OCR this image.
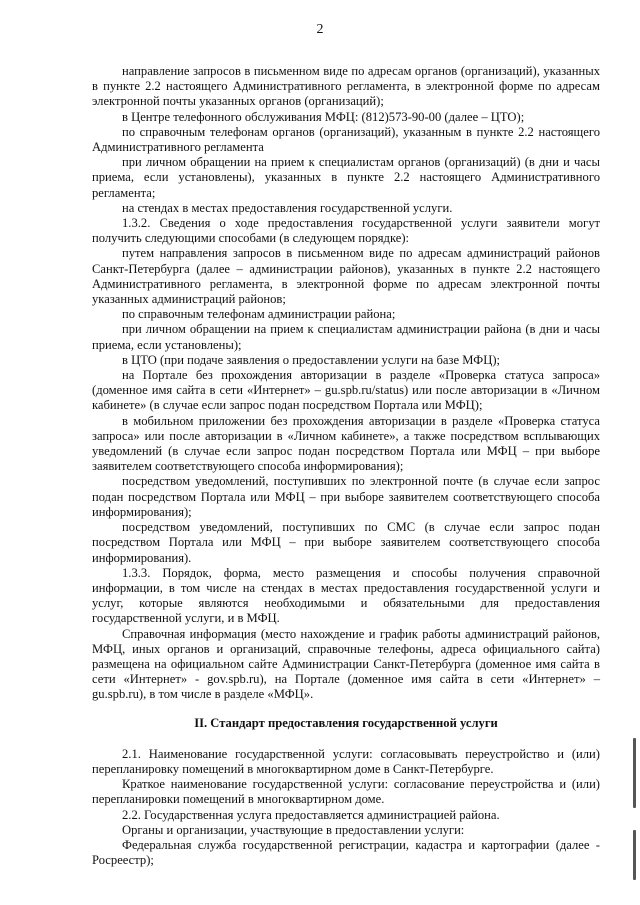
2

направление запросов в письменном виде по адресам органов (организаций), указанных в пункте 2.2 настоящего Административного регламента, в электронной форме по адресам электронной почты указанных органов (организаций);

в Центре телефонного обслуживания МФЦ: (812)573-90-00 (далее – ЦТО);

по справочным телефонам органов (организаций), указанным в пункте 2.2 настоящего Административного регламента

при личном обращении на прием к специалистам органов (организаций) (в дни и часы приема, если установлены), указанных в пункте 2.2 настоящего Административного регламента;

на стендах в местах предоставления государственной услуги.

1.3.2. Сведения о ходе предоставления государственной услуги заявители могут получить следующими способами (в следующем порядке):

путем направления запросов в письменном виде по адресам администраций районов Санкт-Петербурга (далее – администрации районов), указанных в пункте 2.2 настоящего Административного регламента, в электронной форме по адресам электронной почты указанных администраций районов;

по справочным телефонам администрации района;

при личном обращении на прием к специалистам администрации района (в дни и часы приема, если установлены);

в ЦТО (при подаче заявления о предоставлении услуги на базе МФЦ);

на Портале без прохождения авторизации в разделе «Проверка статуса запроса» (доменное имя сайта в сети «Интернет» – gu.spb.ru/status) или после авторизации в «Личном кабинете» (в случае если запрос подан посредством Портала или МФЦ);

в мобильном приложении без прохождения авторизации в разделе «Проверка статуса запроса» или после авторизации в «Личном кабинете», а также посредством всплывающих уведомлений (в случае если запрос подан посредством Портала или МФЦ – при выборе заявителем соответствующего способа информирования);

посредством уведомлений, поступивших по электронной почте (в случае если запрос подан посредством Портала или МФЦ – при выборе заявителем соответствующего способа информирования);

посредством уведомлений, поступивших по СМС (в случае если запрос подан посредством Портала или МФЦ – при выборе заявителем соответствующего способа информирования).

1.3.3. Порядок, форма, место размещения и способы получения справочной информации, в том числе на стендах в местах предоставления государственной услуги и услуг, которые являются необходимыми и обязательными для предоставления государственной услуги, и в МФЦ.

Справочная информация (место нахождение и график работы администраций районов, МФЦ, иных органов и организаций, справочные телефоны, адреса официального сайта) размещена на официальном сайте Администрации Санкт-Петербурга (доменное имя сайта в сети «Интернет» - gov.spb.ru), на Портале (доменное имя сайта в сети «Интернет» – gu.spb.ru), в том числе в разделе «МФЦ».

II. Стандарт предоставления государственной услуги

2.1. Наименование государственной услуги: согласовывать переустройство и (или) перепланировку помещений в многоквартирном доме в Санкт-Петербурге.

Краткое наименование государственной услуги: согласование переустройства и (или) перепланировки помещений в многоквартирном доме.

2.2. Государственная услуга предоставляется администрацией района.

Органы и организации, участвующие в предоставлении услуги:

Федеральная служба государственной регистрации, кадастра и картографии (далее - Росреестр);
